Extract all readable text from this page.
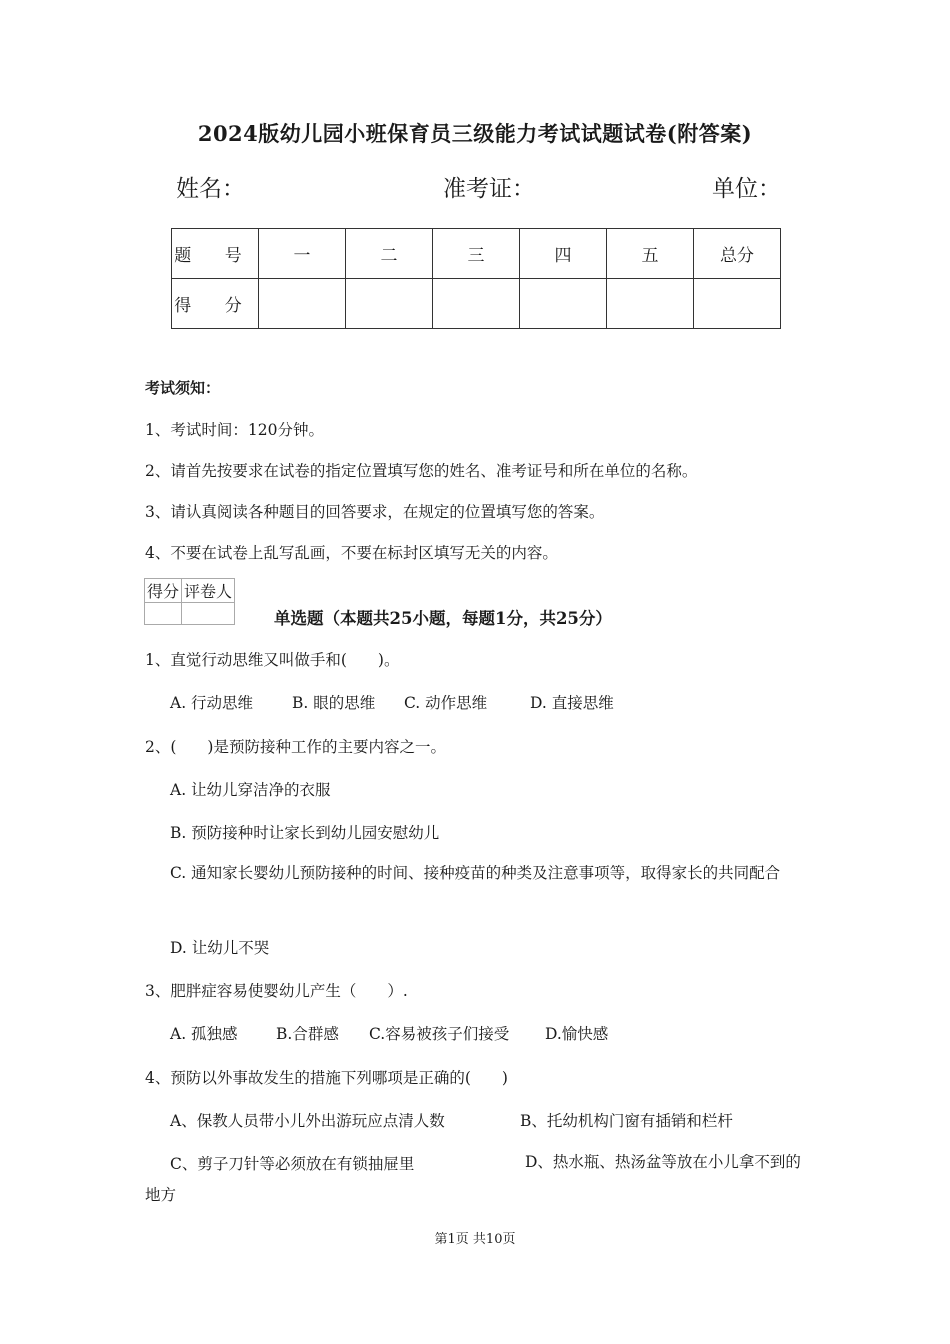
2024版幼儿园小班保育员三级能力考试试题试卷(附答案)
姓名：	准考证：	单位：
题 号	一	二	三	四	五	总分
得 分						
考试须知：
1、考试时间：120分钟。
2、请首先按要求在试卷的指定位置填写您的姓名、准考证号和所在单位的名称。
3、请认真阅读各种题目的回答要求，在规定的位置填写您的答案。
4、不要在试卷上乱写乱画，不要在标封区填写无关的内容。
得分	评卷人

单选题（本题共25小题，每题1分，共25分）
1、直觉行动思维又叫做手和(　　)。
A. 行动思维	B. 眼的思维 C. 动作思维	D. 直接思维
2、(　　)是预防接种工作的主要内容之一。
A. 让幼儿穿洁净的衣服
B. 预防接种时让家长到幼儿园安慰幼儿
C. 通知家长婴幼儿预防接种的时间、接种疫苗的种类及注意事项等，取得家长的共同配合
D. 让幼儿不哭
3、肥胖症容易使婴幼儿产生（　　）.
A. 孤独感 B.合群感 C.容易被孩子们接受 D.愉快感
4、预防以外事故发生的措施下列哪项是正确的(　　)
A、保教人员带小儿外出游玩应点清人数	B、托幼机构门窗有插销和栏杆
C、剪子刀针等必须放在有锁抽屉里	D、热水瓶、热汤盆等放在小儿拿不到的地方
第1页 共10页
